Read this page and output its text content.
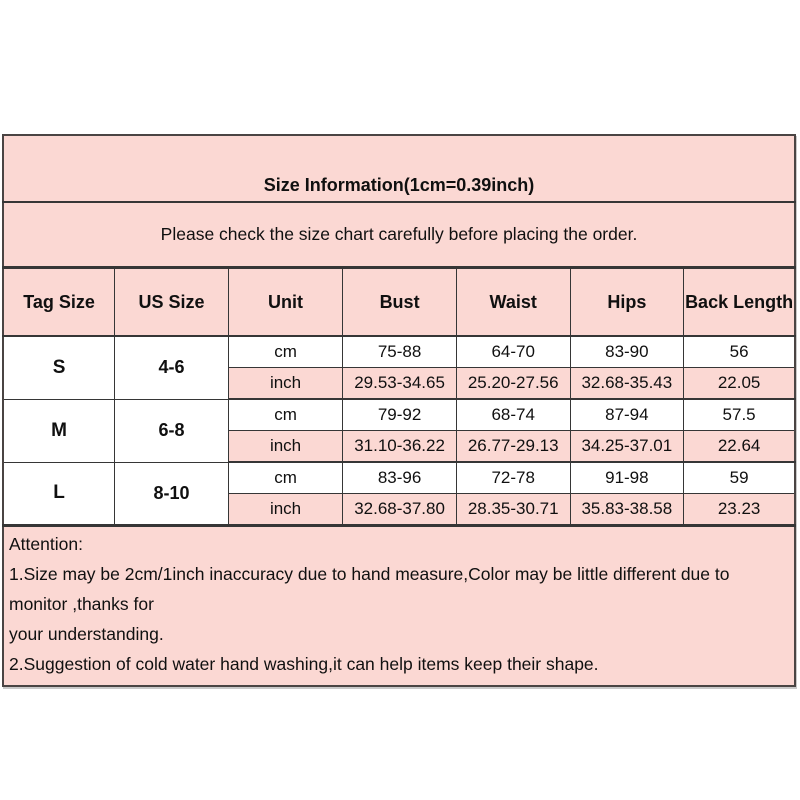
Size Information(1cm=0.39inch)						
Please check the size chart carefully before placing the order.						
Tag Size	US Size	Unit	Bust	Waist	Hips	Back Length
S	4-6	cm	75-88	64-70	83-90	56
		inch	29.53-34.65	25.20-27.56	32.68-35.43	22.05
M	6-8	cm	79-92	68-74	87-94	57.5
		inch	31.10-36.22	26.77-29.13	34.25-37.01	22.64
L	8-10	cm	83-96	72-78	91-98	59
		inch	32.68-37.80	28.35-30.71	35.83-38.58	23.23

Attention:
1.Size may be 2cm/1inch inaccuracy due to hand measure,Color may be little different due to monitor ,thanks for
your understanding.
2.Suggestion of cold water hand washing,it can help items keep their shape.						
